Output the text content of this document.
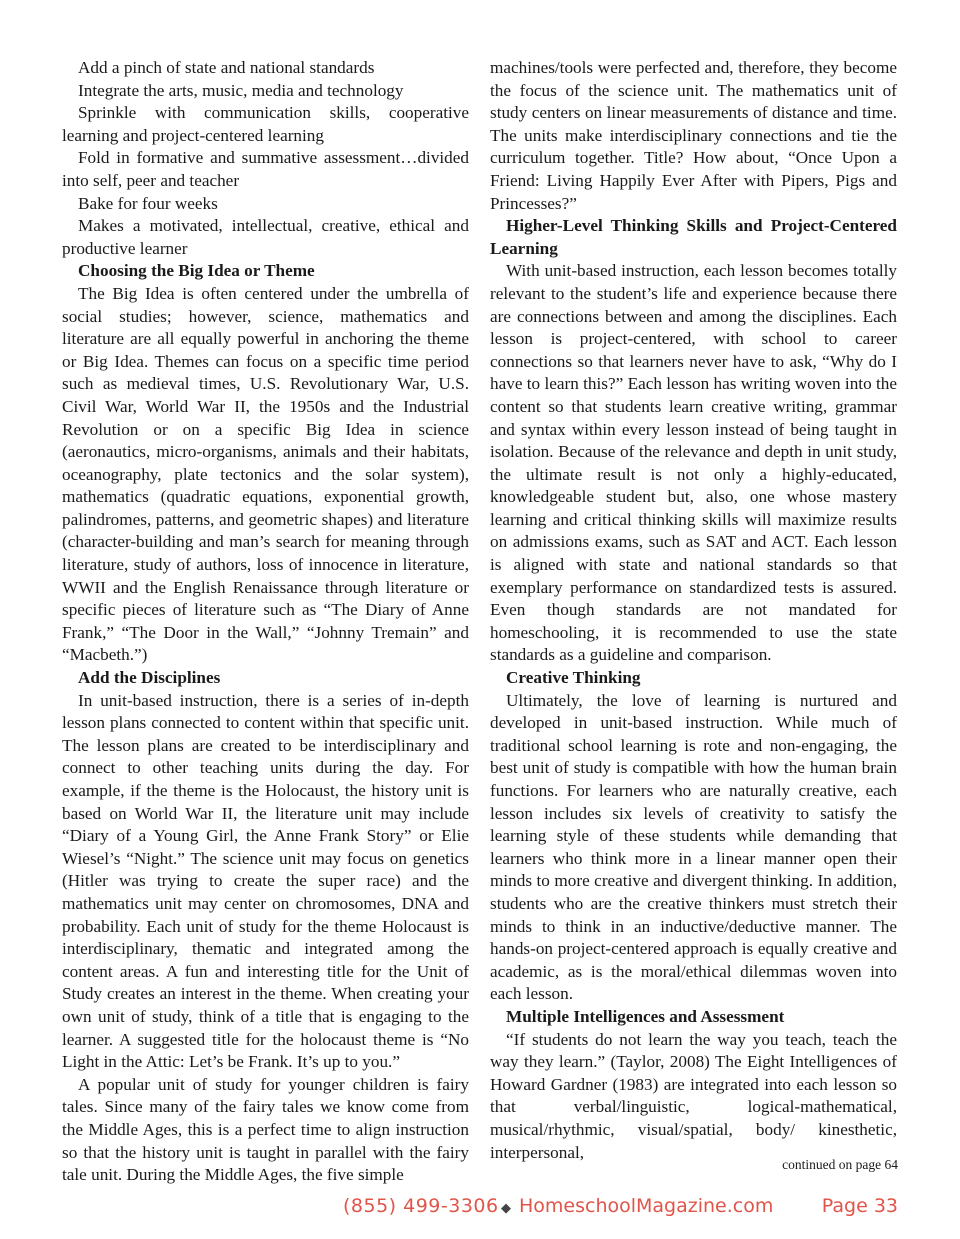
Add a pinch of state and national standards

Integrate the arts, music, media and technology

Sprinkle with communication skills, cooperative learning and project-centered learning

Fold in formative and summative assessment…divided into self, peer and teacher

Bake for four weeks

Makes a motivated, intellectual, creative, ethical and productive learner

Choosing the Big Idea or Theme

The Big Idea is often centered under the umbrella of social studies; however, science, mathematics and literature are all equally powerful in anchoring the theme or Big Idea. Themes can focus on a specific time period such as medieval times, U.S. Revolutionary War, U.S. Civil War, World War II, the 1950s and the Industrial Revolution or on a specific Big Idea in science (aeronautics, micro-organisms, animals and their habitats, oceanography, plate tectonics and the solar system), mathematics (quadratic equations, exponential growth, palindromes, patterns, and geometric shapes) and literature (character-building and man’s search for meaning through literature, study of authors, loss of innocence in literature, WWII and the English Renaissance through literature or specific pieces of literature such as “The Diary of Anne Frank,” “The Door in the Wall,” “Johnny Tremain” and “Macbeth.”)

Add the Disciplines

In unit-based instruction, there is a series of in-depth lesson plans connected to content within that specific unit. The lesson plans are created to be interdisciplinary and connect to other teaching units during the day. For example, if the theme is the Holocaust, the history unit is based on World War II, the literature unit may include “Diary of a Young Girl, the Anne Frank Story” or Elie Wiesel’s “Night.” The science unit may focus on genetics (Hitler was trying to create the super race) and the mathematics unit may center on chromosomes, DNA and probability. Each unit of study for the theme Holocaust is interdisciplinary, thematic and integrated among the content areas. A fun and interesting title for the Unit of Study creates an interest in the theme. When creating your own unit of study, think of a title that is engaging to the learner. A suggested title for the holocaust theme is “No Light in the Attic: Let’s be Frank. It’s up to you.”

A popular unit of study for younger children is fairy tales. Since many of the fairy tales we know come from the Middle Ages, this is a perfect time to align instruction so that the history unit is taught in parallel with the fairy tale unit. During the Middle Ages, the five simple

machines/tools were perfected and, therefore, they become the focus of the science unit. The mathematics unit of study centers on linear measurements of distance and time. The units make interdisciplinary connections and tie the curriculum together. Title? How about, “Once Upon a Friend: Living Happily Ever After with Pipers, Pigs and Princesses?”

Higher-Level Thinking Skills and Project-Centered Learning

With unit-based instruction, each lesson becomes totally relevant to the student’s life and experience because there are connections between and among the disciplines. Each lesson is project-centered, with school to career connections so that learners never have to ask, “Why do I have to learn this?” Each lesson has writing woven into the content so that students learn creative writing, grammar and syntax within every lesson instead of being taught in isolation. Because of the relevance and depth in unit study, the ultimate result is not only a highly-educated, knowledgeable student but, also, one whose mastery learning and critical thinking skills will maximize results on admissions exams, such as SAT and ACT. Each lesson is aligned with state and national standards so that exemplary performance on standardized tests is assured. Even though standards are not mandated for homeschooling, it is recommended to use the state standards as a guideline and comparison.

Creative Thinking

Ultimately, the love of learning is nurtured and developed in unit-based instruction. While much of traditional school learning is rote and non-engaging, the best unit of study is compatible with how the human brain functions. For learners who are naturally creative, each lesson includes six levels of creativity to satisfy the learning style of these students while demanding that learners who think more in a linear manner open their minds to more creative and divergent thinking. In addition, students who are the creative thinkers must stretch their minds to think in an inductive/deductive manner. The hands-on project-centered approach is equally creative and academic, as is the moral/ethical dilemmas woven into each lesson.

Multiple Intelligences and Assessment

“If students do not learn the way you teach, teach the way they learn.” (Taylor, 2008) The Eight Intelligences of Howard Gardner (1983) are integrated into each lesson so that verbal/linguistic, logical-mathematical, musical/rhythmic, visual/spatial, body/ kinesthetic, interpersonal,

continued on page 64
(855) 499-3306 ◆ HomeschoolMagazine.com	Page 33
